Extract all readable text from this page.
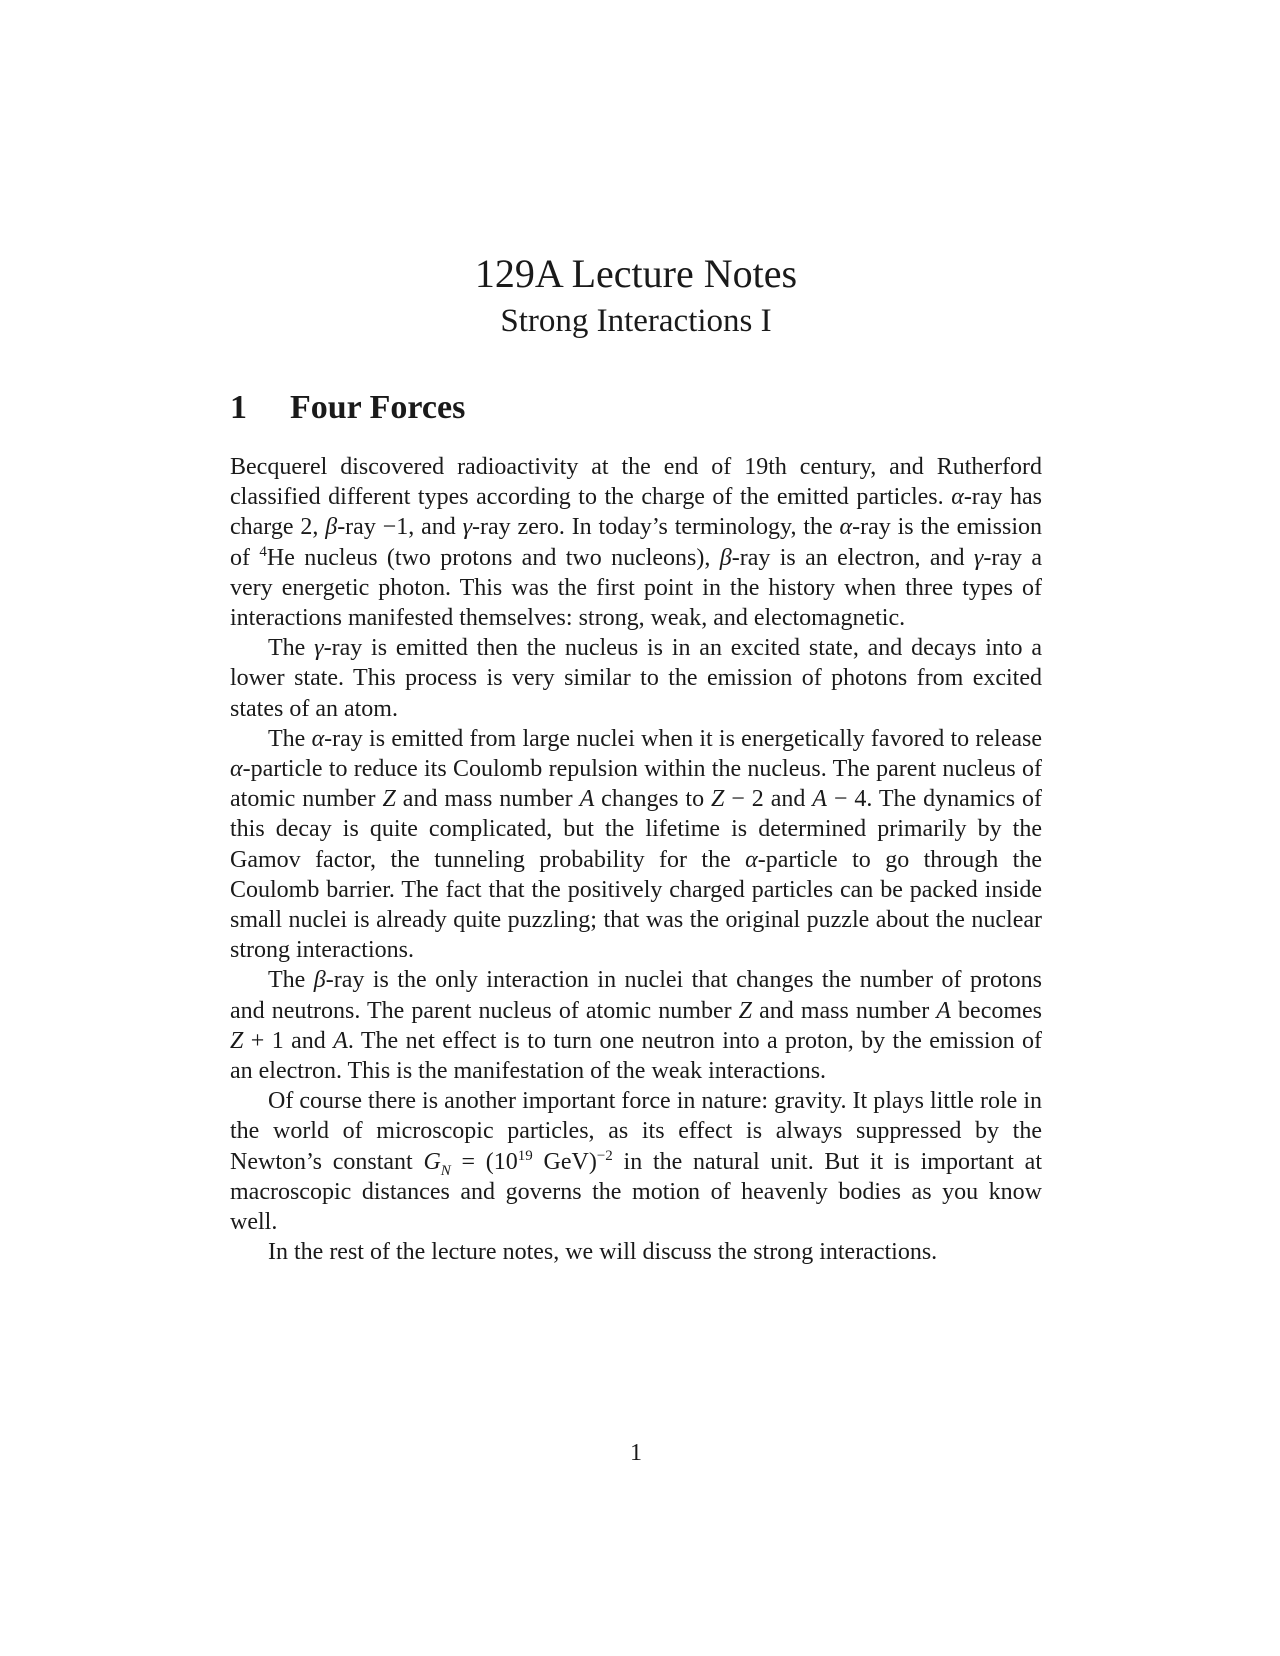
129A Lecture Notes
Strong Interactions I
1 Four Forces

Becquerel discovered radioactivity at the end of 19th century, and Rutherford classified different types according to the charge of the emitted particles. α-ray has charge 2, β-ray −1, and γ-ray zero. In today’s terminology, the α-ray is the emission of $^4$He nucleus (two protons and two nucleons), β-ray is an electron, and γ-ray a very energetic photon. This was the first point in the history when three types of interactions manifested themselves: strong, weak, and electomagnetic.

The γ-ray is emitted then the nucleus is in an excited state, and decays into a lower state. This process is very similar to the emission of photons from excited states of an atom.

The α-ray is emitted from large nuclei when it is energetically favored to release α-particle to reduce its Coulomb repulsion within the nucleus. The parent nucleus of atomic number Z and mass number A changes to Z − 2 and A − 4. The dynamics of this decay is quite complicated, but the lifetime is determined primarily by the Gamov factor, the tunneling probability for the α-particle to go through the Coulomb barrier. The fact that the positively charged particles can be packed inside small nuclei is already quite puzzling; that was the original puzzle about the nuclear strong interactions.

The β-ray is the only interaction in nuclei that changes the number of protons and neutrons. The parent nucleus of atomic number Z and mass number A becomes Z + 1 and A. The net effect is to turn one neutron into a proton, by the emission of an electron. This is the manifestation of the weak interactions.

Of course there is another important force in nature: gravity. It plays little role in the world of microscopic particles, as its effect is always suppressed by the Newton’s constant $G_N = (10^{19}$ GeV)$^{-2}$ in the natural unit. But it is important at macroscopic distances and governs the motion of heavenly bodies as you know well.

In the rest of the lecture notes, we will discuss the strong interactions.

1
